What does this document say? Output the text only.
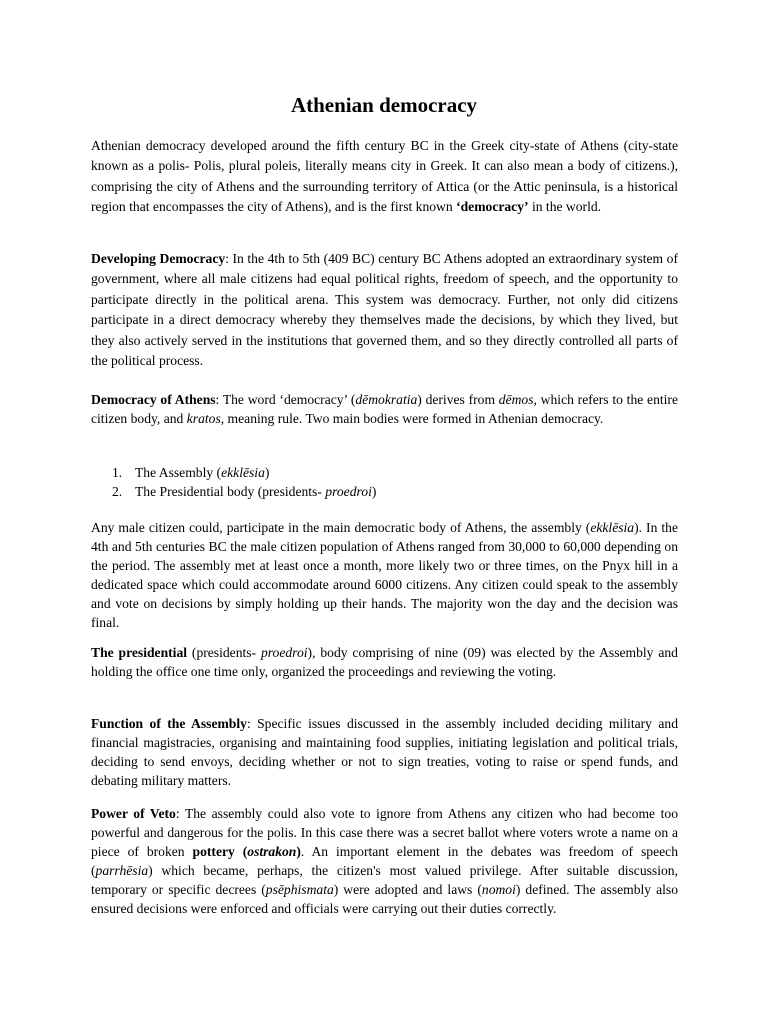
Athenian democracy

Athenian democracy developed around the fifth century BC in the Greek city-state of Athens (city-state known as a polis- Polis, plural poleis, literally means city in Greek. It can also mean a body of citizens.), comprising the city of Athens and the surrounding territory of Attica (or the Attic peninsula, is a historical region that encompasses the city of Athens), and is the first known ‘democracy’ in the world.

Developing Democracy: In the 4th to 5th (409 BC) century BC Athens adopted an extraordinary system of government, where all male citizens had equal political rights, freedom of speech, and the opportunity to participate directly in the political arena. This system was democracy. Further, not only did citizens participate in a direct democracy whereby they themselves made the decisions, by which they lived, but they also actively served in the institutions that governed them, and so they directly controlled all parts of the political process.

Democracy of Athens: The word ‘democracy’ (dēmokratia) derives from dēmos, which refers to the entire citizen body, and kratos, meaning rule. Two main bodies were formed in Athenian democracy.

1. The Assembly (ekklēsia)
2. The Presidential body (presidents- proedroi)

Any male citizen could, participate in the main democratic body of Athens, the assembly (ekklēsia). In the 4th and 5th centuries BC the male citizen population of Athens ranged from 30,000 to 60,000 depending on the period. The assembly met at least once a month, more likely two or three times, on the Pnyx hill in a dedicated space which could accommodate around 6000 citizens. Any citizen could speak to the assembly and vote on decisions by simply holding up their hands. The majority won the day and the decision was final.

The presidential (presidents- proedroi), body comprising of nine (09) was elected by the Assembly and holding the office one time only, organized the proceedings and reviewing the voting.

Function of the Assembly: Specific issues discussed in the assembly included deciding military and financial magistracies, organising and maintaining food supplies, initiating legislation and political trials, deciding to send envoys, deciding whether or not to sign treaties, voting to raise or spend funds, and debating military matters.

Power of Veto: The assembly could also vote to ignore from Athens any citizen who had become too powerful and dangerous for the polis. In this case there was a secret ballot where voters wrote a name on a piece of broken pottery (ostrakon). An important element in the debates was freedom of speech (parrhēsia) which became, perhaps, the citizen's most valued privilege. After suitable discussion, temporary or specific decrees (psēphismata) were adopted and laws (nomoi) defined. The assembly also ensured decisions were enforced and officials were carrying out their duties correctly.
